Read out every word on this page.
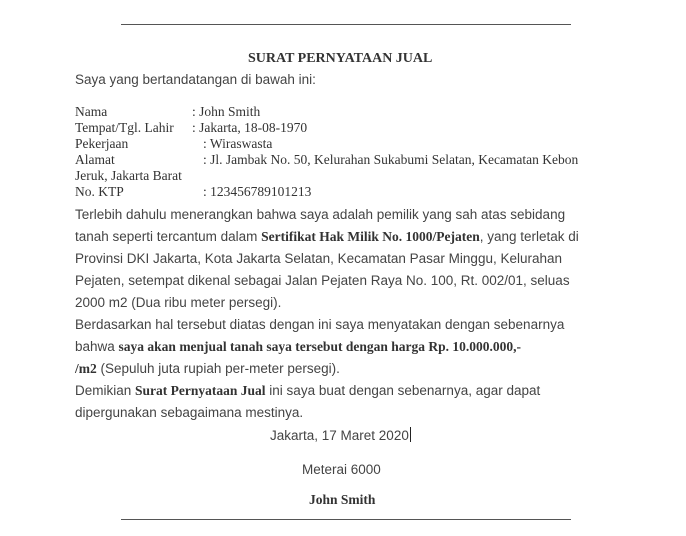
SURAT PERNYATAAN JUAL
Saya yang bertandatangan di bawah ini:
Nama	: John Smith
Tempat/Tgl. Lahir : Jakarta, 18-08-1970
Pekerjaan	: Wiraswasta
Alamat	: Jl. Jambak No. 50, Kelurahan Sukabumi Selatan, Kecamatan Kebon
Jeruk, Jakarta Barat
No. KTP	: 123456789101213
Terlebih dahulu menerangkan bahwa saya adalah pemilik yang sah atas sebidang
tanah seperti tercantum dalam Sertifikat Hak Milik No. 1000/Pejaten, yang terletak di
Provinsi DKI Jakarta, Kota Jakarta Selatan, Kecamatan Pasar Minggu, Kelurahan
Pejaten, setempat dikenal sebagai Jalan Pejaten Raya No. 100, Rt. 002/01, seluas
2000 m2 (Dua ribu meter persegi).
Berdasarkan hal tersebut diatas dengan ini saya menyatakan dengan sebenarnya
bahwa saya akan menjual tanah saya tersebut dengan harga Rp. 10.000.000,-
/m2 (Sepuluh juta rupiah per-meter persegi).
Demikian Surat Pernyataan Jual ini saya buat dengan sebenarnya, agar dapat
dipergunakan sebagaimana mestinya.
Jakarta, 17 Maret 2020
Meterai 6000
John Smith
